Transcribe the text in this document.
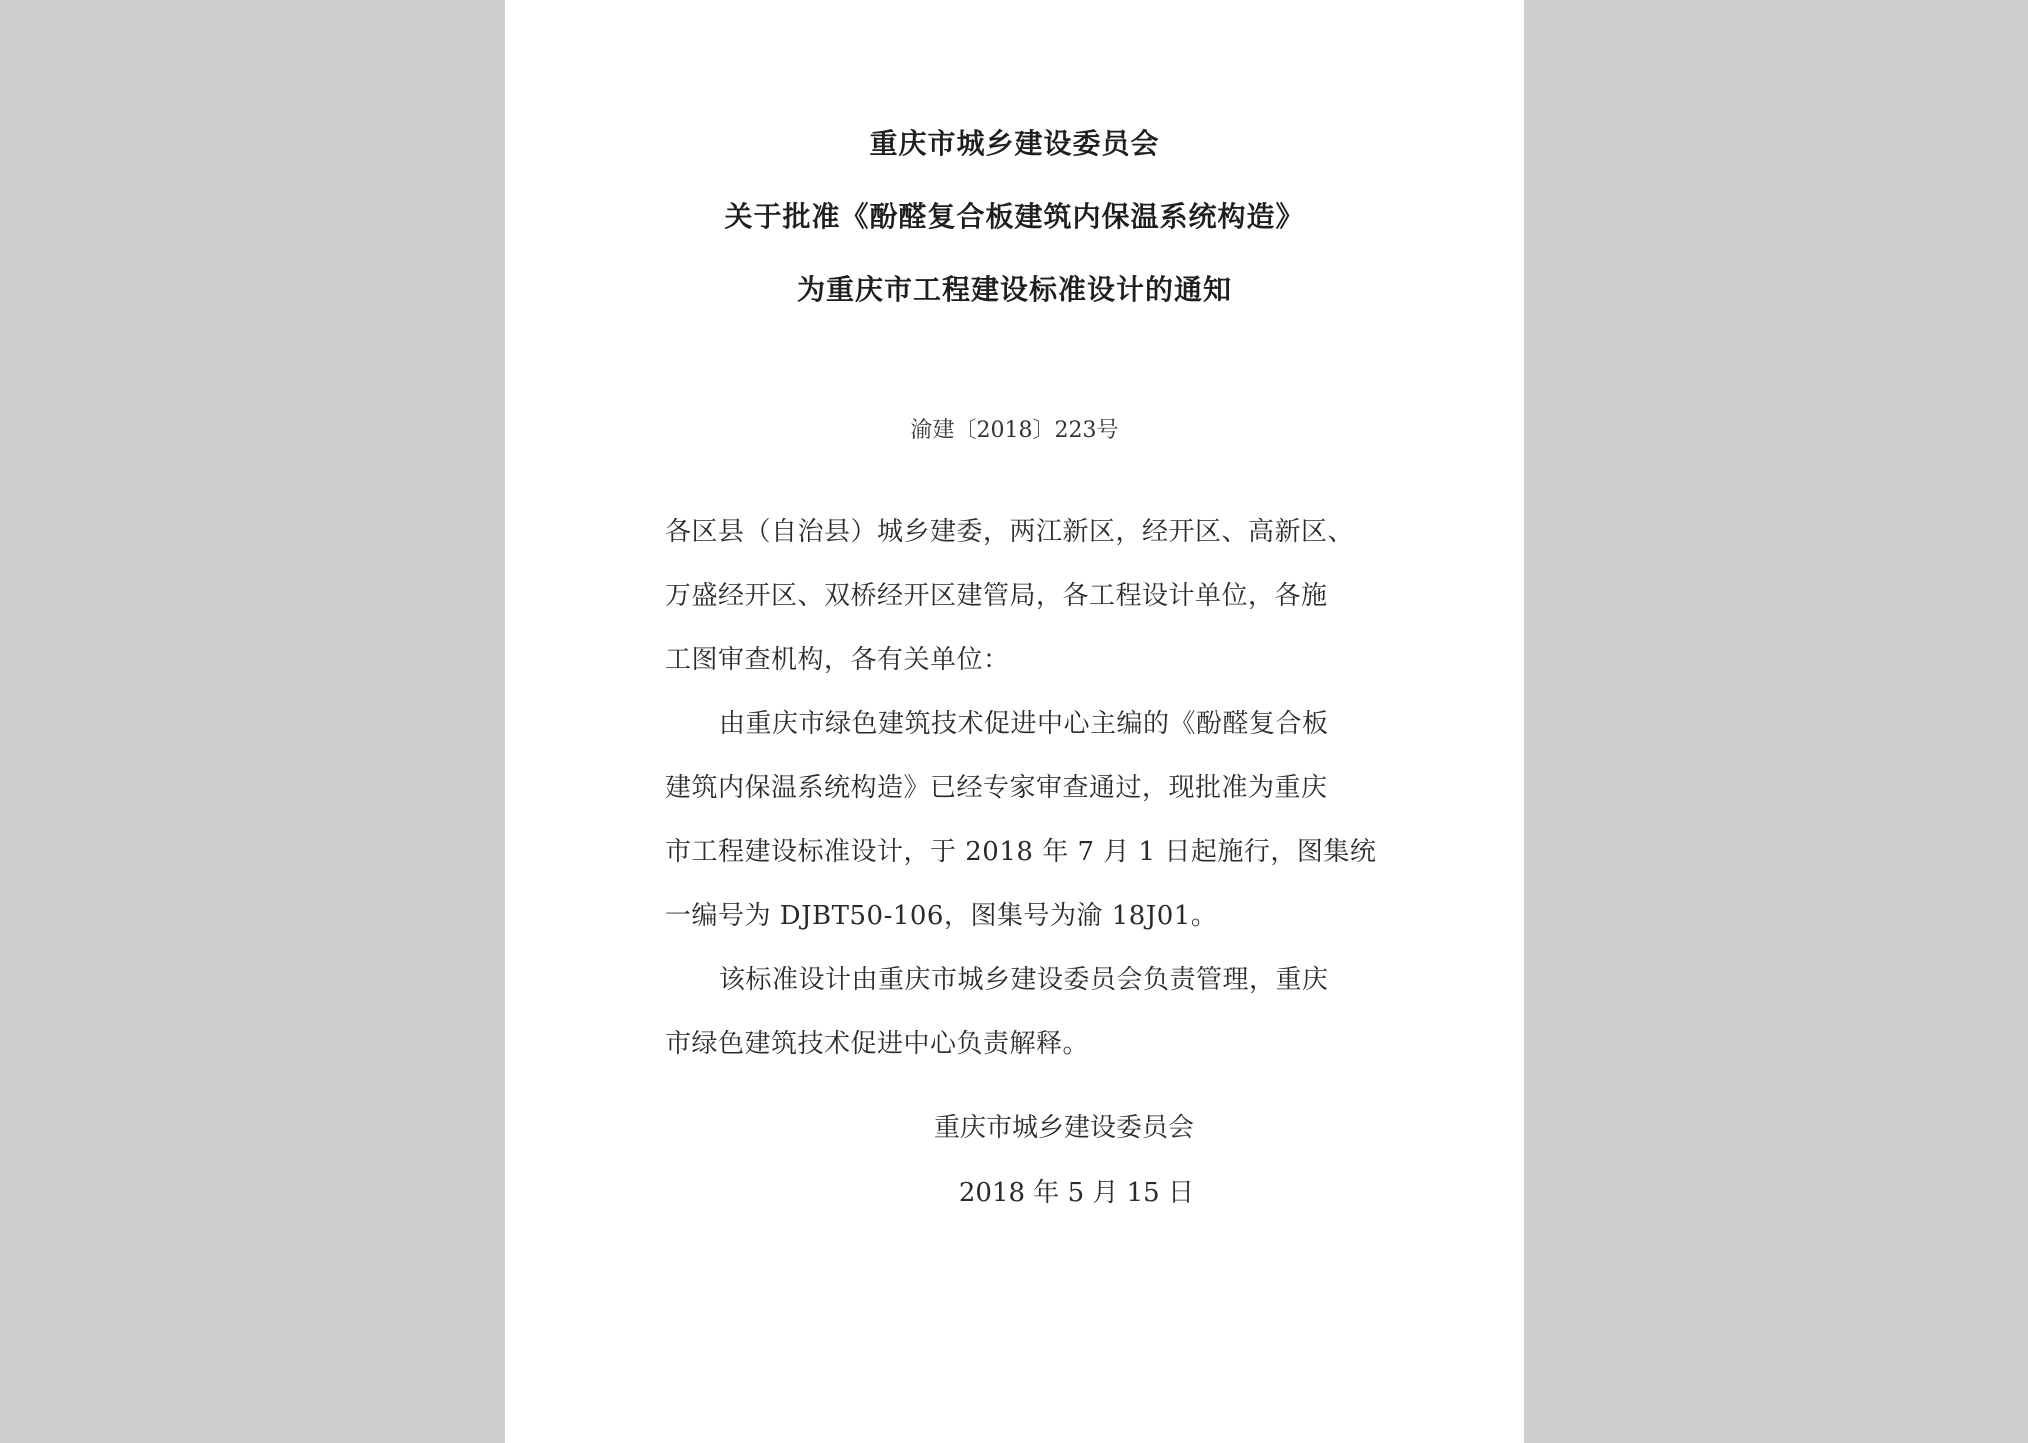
重庆市城乡建设委员会
关于批准《酚醛复合板建筑内保温系统构造》
为重庆市工程建设标准设计的通知
渝建〔2018〕223号
各区县（自治县）城乡建委，两江新区，经开区、高新区、
万盛经开区、双桥经开区建管局，各工程设计单位，各施
工图审查机构，各有关单位：
由重庆市绿色建筑技术促进中心主编的《酚醛复合板
建筑内保温系统构造》已经专家审查通过，现批准为重庆
市工程建设标准设计，于 2018 年 7 月 1 日起施行，图集统
一编号为 DJBT50-106，图集号为渝 18J01。
该标准设计由重庆市城乡建设委员会负责管理，重庆
市绿色建筑技术促进中心负责解释。
重庆市城乡建设委员会
2018 年 5 月 15 日
